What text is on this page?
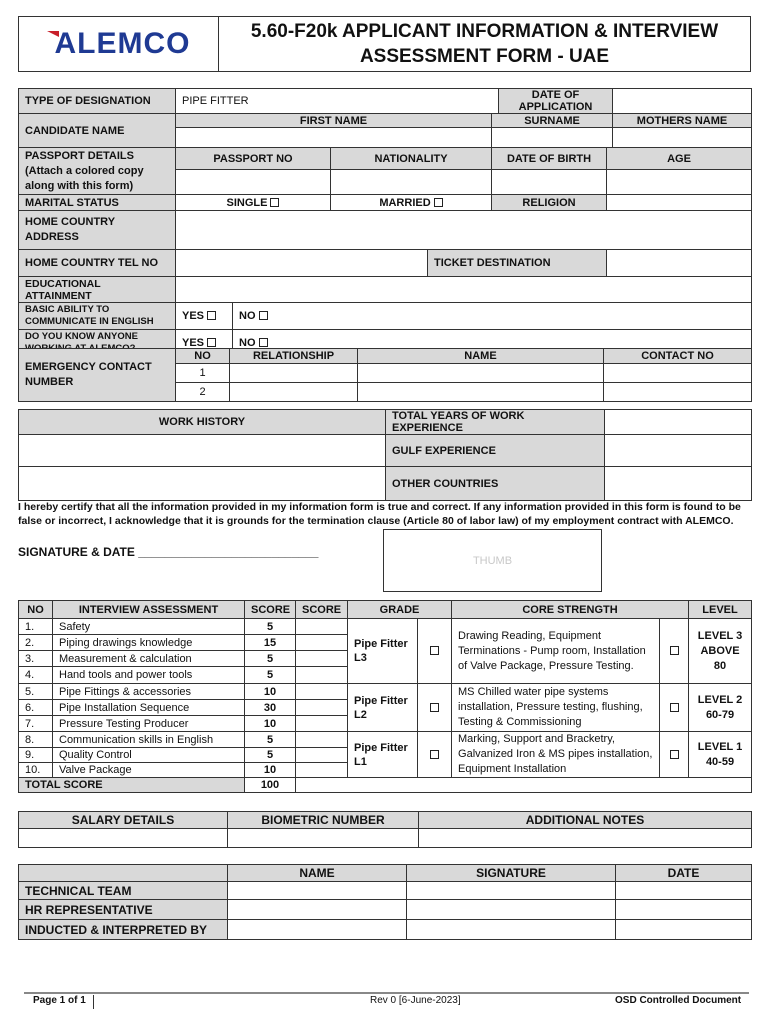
ALEMCO	5.60-F20k APPLICANT INFORMATION & INTERVIEW ASSESSMENT FORM - UAE
TYPE OF DESIGNATION	PIPE FITTER				DATE OF APPLICATION		
CANDIDATE NAME	FIRST NAME			SURNAME			MOTHERS NAME

PASSPORT DETAILS (Attach a colored copy along with this form)	PASSPORT NO	NATIONALITY		DATE OF BIRTH		AGE	

MARITAL STATUS	SINGLE	MARRIED		RELIGION			
HOME COUNTRY ADDRESS							
HOME COUNTRY TEL NO			TICKET DESTINATION				
EDUCATIONAL ATTAINMENT							
BASIC ABILITY TO COMMUNICATE IN ENGLISH	YES NO						
DO YOU KNOW ANYONE	YES NO						
EMERGENCY CONTACT NUMBER	NO	RELATIONSHIP	NAME	CONTACT NO
	1			
	2			
WORK HISTORY	TOTAL YEARS OF WORK EXPERIENCE	
	GULF EXPERIENCE	
	OTHER COUNTRIES	
I hereby certify that all the information provided in my information form is true and correct. If any information provided in this form is found to be false or incorrect, I acknowledge that it is grounds for the termination clause (Article 80 of labor law) of my employment contract with ALEMCO.
SIGNATURE & DATE ___________________________
THUMB
NO	INTERVIEW ASSESSMENT	SCORE	SCORE	GRADE		CORE STRENGTH		LEVEL
1.	Safety	5		Pipe Fitter L3		Drawing Reading, Equipment Terminations - Pump room, Installation of Valve Package, Pressure Testing.		LEVEL 3 ABOVE 80
2.	Piping drawings knowledge	15						
3.	Measurement & calculation	5						
4.	Hand tools and power tools	5						
5.	Pipe Fittings & accessories	10		Pipe Fitter L2		MS Chilled water pipe systems installation, Pressure testing, flushing, Testing & Commissioning		LEVEL 2 60-79
6.	Pipe Installation Sequence	30						
7.	Pressure Testing Producer	10						
8.	Communication skills in English	5		Pipe Fitter L1		Marking, Support and Bracketry, Galvanized Iron & MS pipes installation, Equipment Installation		LEVEL 1 40-59
9.	Quality Control	5						
10.	Valve Package	10						
TOTAL SCORE		100						
SALARY DETAILS	BIOMETRIC NUMBER	ADDITIONAL NOTES

	NAME	SIGNATURE	DATE
TECHNICAL TEAM			
HR REPRESENTATIVE			
INDUCTED & INTERPRETED BY			
Page 1 of 1	Rev 0 [6-June-2023]	OSD Controlled Document
